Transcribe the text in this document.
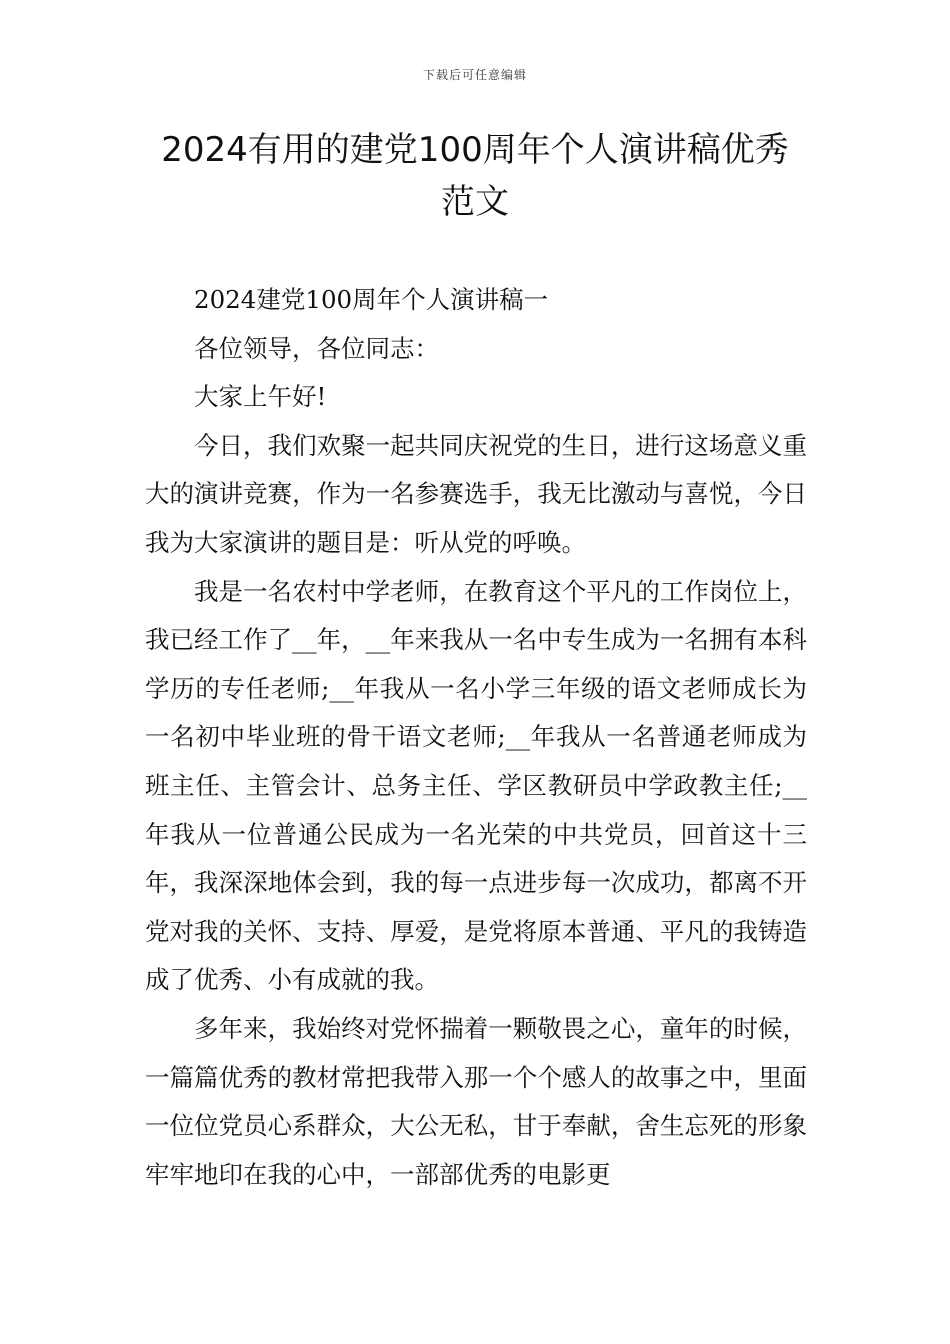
下载后可任意编辑
2024有用的建党100周年个人演讲稿优秀
范文

2024建党100周年个人演讲稿一

各位领导，各位同志：

大家上午好!

今日，我们欢聚一起共同庆祝党的生日，进行这场意义重大的演讲竞赛，作为一名参赛选手，我无比激动与喜悦，今日我为大家演讲的题目是：听从党的呼唤。

我是一名农村中学老师，在教育这个平凡的工作岗位上，我已经工作了__年，__年来我从一名中专生成为一名拥有本科学历的专任老师;__年我从一名小学三年级的语文老师成长为一名初中毕业班的骨干语文老师;__年我从一名普通老师成为班主任、主管会计、总务主任、学区教研员中学政教主任;__年我从一位普通公民成为一名光荣的中共党员，回首这十三年，我深深地体会到，我的每一点进步每一次成功，都离不开党对我的关怀、支持、厚爱，是党将原本普通、平凡的我铸造成了优秀、小有成就的我。

多年来，我始终对党怀揣着一颗敬畏之心，童年的时候，一篇篇优秀的教材常把我带入那一个个感人的故事之中，里面一位位党员心系群众，大公无私，甘于奉献，舍生忘死的形象牢牢地印在我的心中，一部部优秀的电影更
